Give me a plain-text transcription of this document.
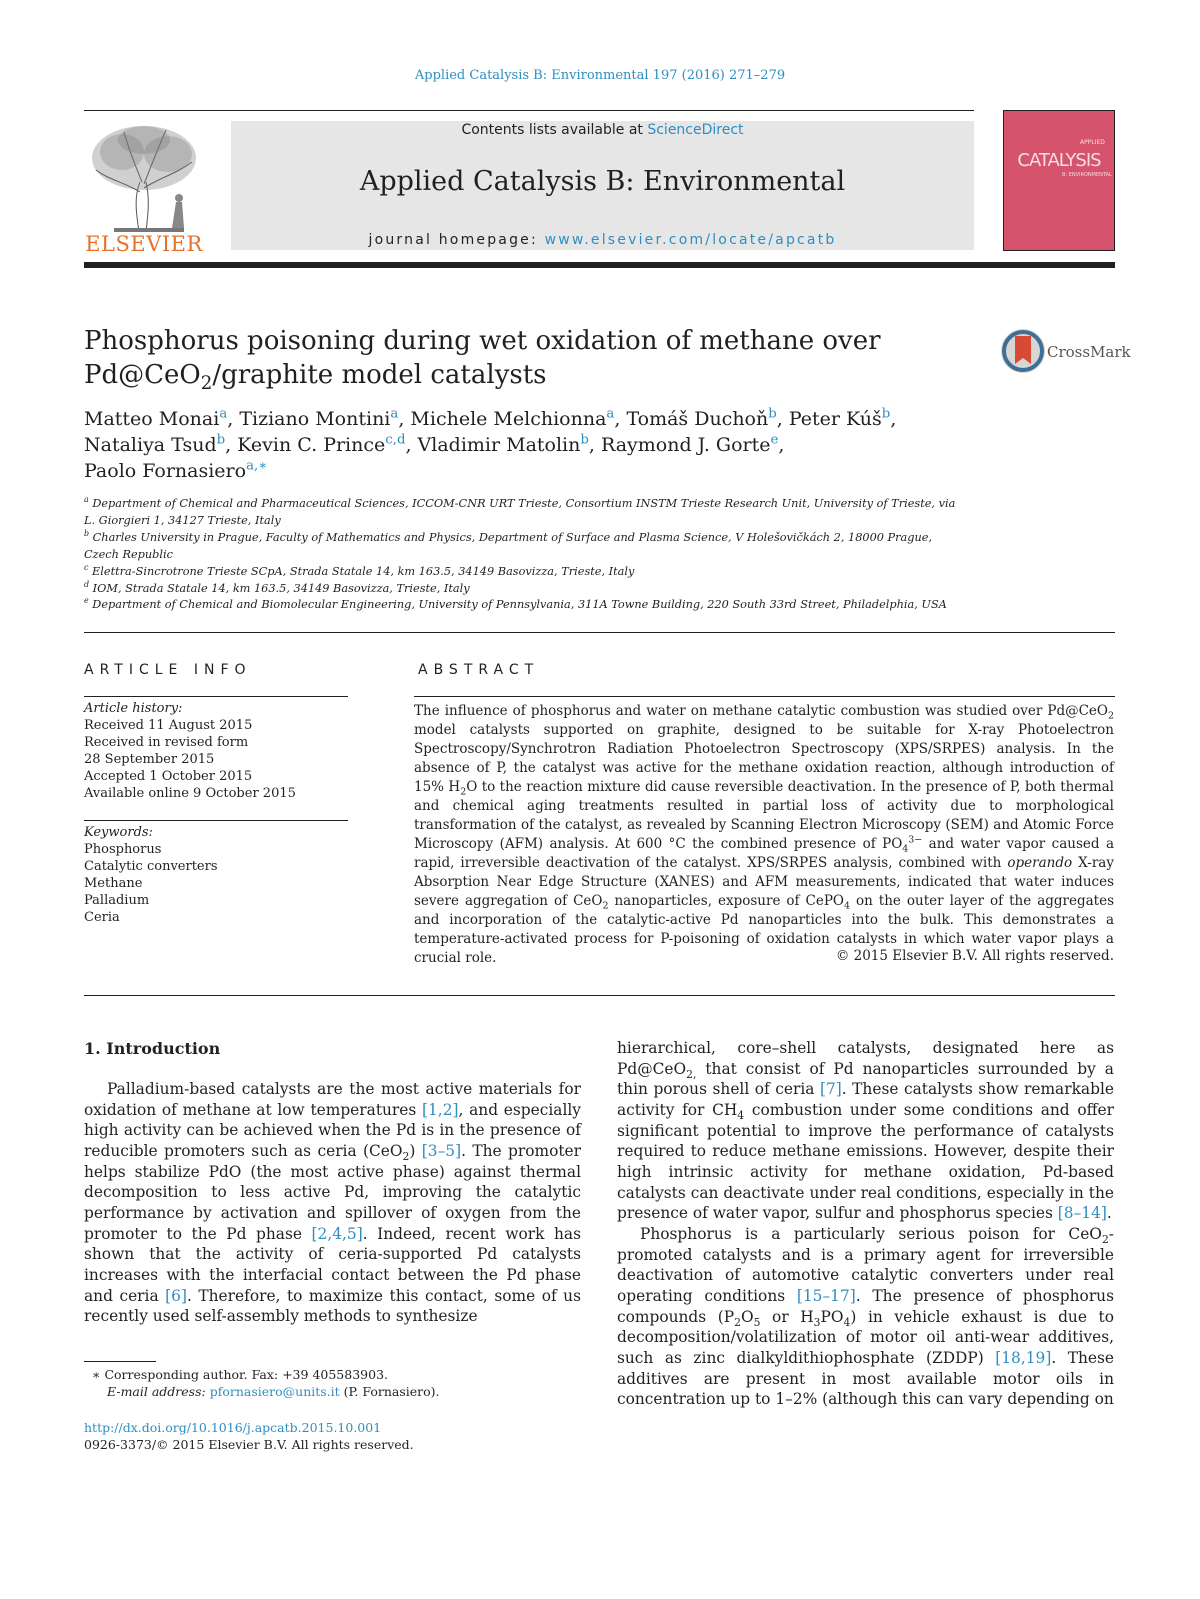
Applied Catalysis B: Environmental 197 (2016) 271–279
ELSEVIER
Contents lists available at ScienceDirect
Applied Catalysis B: Environmental
journal homepage: www.elsevier.com/locate/apcatb
APPLIED
CATALYSIS
B: ENVIRONMENTAL
Phosphorus poisoning during wet oxidation of methane over
Pd@CeO$_2$/graphite model catalysts
CrossMark
Matteo Monai$^a$, Tiziano Montini$^a$, Michele Melchionna$^a$, Tomáš Duchoň$^b$, Peter Kúš$^b$,
Nataliya Tsud$^b$, Kevin C. Prince$^{c,d}$, Vladimir Matolin$^b$, Raymond J. Gorte$^e$,
Paolo Fornasiero$^{a,∗}$
$^a$ Department of Chemical and Pharmaceutical Sciences, ICCOM-CNR URT Trieste, Consortium INSTM Trieste Research Unit, University of Trieste, via L. Giorgieri 1, 34127 Trieste, Italy
$^b$ Charles University in Prague, Faculty of Mathematics and Physics, Department of Surface and Plasma Science, V Holešovičkách 2, 18000 Prague, Czech Republic
$^c$ Elettra-Sincrotrone Trieste SCpA, Strada Statale 14, km 163.5, 34149 Basovizza, Trieste, Italy
$^d$ IOM, Strada Statale 14, km 163.5, 34149 Basovizza, Trieste, Italy
$^e$ Department of Chemical and Biomolecular Engineering, University of Pennsylvania, 311A Towne Building, 220 South 33rd Street, Philadelphia, USA
ARTICLE INFO
Article history:
Received 11 August 2015
Received in revised form
28 September 2015
Accepted 1 October 2015
Available online 9 October 2015
Keywords:
Phosphorus
Catalytic converters
Methane
Palladium
Ceria
ABSTRACT
The influence of phosphorus and water on methane catalytic combustion was studied over Pd@CeO$_2$ model catalysts supported on graphite, designed to be suitable for X-ray Photoelectron Spectroscopy/Synchrotron Radiation Photoelectron Spectroscopy (XPS/SRPES) analysis. In the absence of P, the catalyst was active for the methane oxidation reaction, although introduction of 15% $H_2O$ to the reaction mixture did cause reversible deactivation. In the presence of P, both thermal and chemical aging treatments resulted in partial loss of activity due to morphological transformation of the catalyst, as revealed by Scanning Electron Microscopy (SEM) and Atomic Force Microscopy (AFM) analysis. At 600 °C the combined presence of $PO_4^{3-}$ and water vapor caused a rapid, irreversible deactivation of the catalyst. XPS/SRPES analysis, combined with operando X-ray Absorption Near Edge Structure (XANES) and AFM measurements, indicated that water induces severe aggregation of CeO$_2$ nanoparticles, exposure of CePO$_4$ on the outer layer of the aggregates and incorporation of the catalytic-active Pd nanoparticles into the bulk. This demonstrates a temperature-activated process for P-poisoning of oxidation catalysts in which water vapor plays a crucial role.	© 2015 Elsevier B.V. All rights reserved.
1. Introduction
Palladium-based catalysts are the most active materials for oxidation of methane at low temperatures [1,2], and especially high activity can be achieved when the Pd is in the presence of reducible promoters such as ceria (CeO$_2$) [3–5]. The promoter helps stabilize PdO (the most active phase) against thermal decomposition to less active Pd, improving the catalytic performance by activation and spillover of oxygen from the promoter to the Pd phase [2,4,5]. Indeed, recent work has shown that the activity of ceria-supported Pd catalysts increases with the interfacial contact between the Pd phase and ceria [6]. Therefore, to maximize this contact, some of us recently used self-assembly methods to synthesize
hierarchical, core–shell catalysts, designated here as Pd@CeO$_{2,}$ that consist of Pd nanoparticles surrounded by a thin porous shell of ceria [7]. These catalysts show remarkable activity for $CH_4$ combustion under some conditions and offer significant potential to improve the performance of catalysts required to reduce methane emissions. However, despite their high intrinsic activity for methane oxidation, Pd-based catalysts can deactivate under real conditions, especially in the presence of water vapor, sulfur and phosphorus species [8–14].
Phosphorus is a particularly serious poison for CeO$_2$-promoted catalysts and is a primary agent for irreversible deactivation of automotive catalytic converters under real operating conditions [15–17]. The presence of phosphorus compounds ($P_2O_5$ or $H_3PO_4$) in vehicle exhaust is due to decomposition/volatilization of motor oil anti-wear additives, such as zinc dialkyldithiophosphate (ZDDP) [18,19]. These additives are present in most available motor oils in concentration up to 1–2% (although this can vary depending on
∗ Corresponding author. Fax: +39 405583903.
E-mail address: pfornasiero@units.it (P. Fornasiero).
http://dx.doi.org/10.1016/j.apcatb.2015.10.001
0926-3373/© 2015 Elsevier B.V. All rights reserved.
